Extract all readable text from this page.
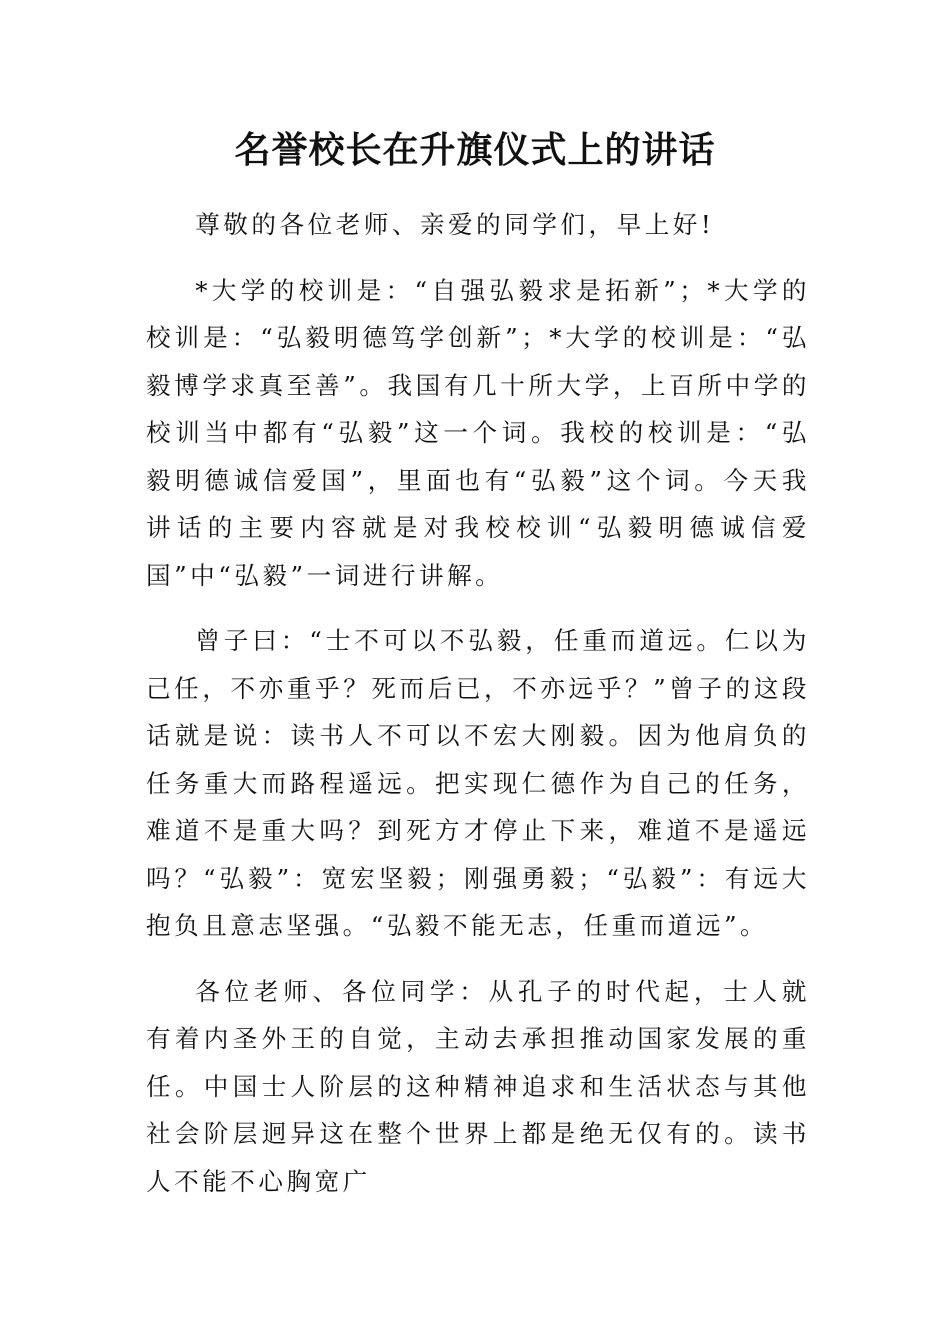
名誉校长在升旗仪式上的讲话

尊敬的各位老师、亲爱的同学们，早上好!

*大学的校训是：“自强弘毅求是拓新”；*大学的校训是：“弘毅明德笃学创新”；*大学的校训是：“弘毅博学求真至善”。我国有几十所大学，上百所中学的校训当中都有“弘毅”这一个词。我校的校训是：“弘毅明德诚信爱国”，里面也有“弘毅”这个词。今天我讲话的主要内容就是对我校校训“弘毅明德诚信爱国”中“弘毅”一词进行讲解。

曾子曰：“士不可以不弘毅，任重而道远。仁以为己任，不亦重乎？死而后已，不亦远乎？”曾子的这段话就是说：读书人不可以不宏大刚毅。因为他肩负的任务重大而路程遥远。把实现仁德作为自己的任务，难道不是重大吗？到死方才停止下来，难道不是遥远吗？“弘毅”：宽宏坚毅；刚强勇毅；“弘毅”：有远大抱负且意志坚强。“弘毅不能无志，任重而道远”。

各位老师、各位同学：从孔子的时代起，士人就有着内圣外王的自觉，主动去承担推动国家发展的重任。中国士人阶层的这种精神追求和生活状态与其他社会阶层迥异这在整个世界上都是绝无仅有的。读书人不能不心胸宽广
